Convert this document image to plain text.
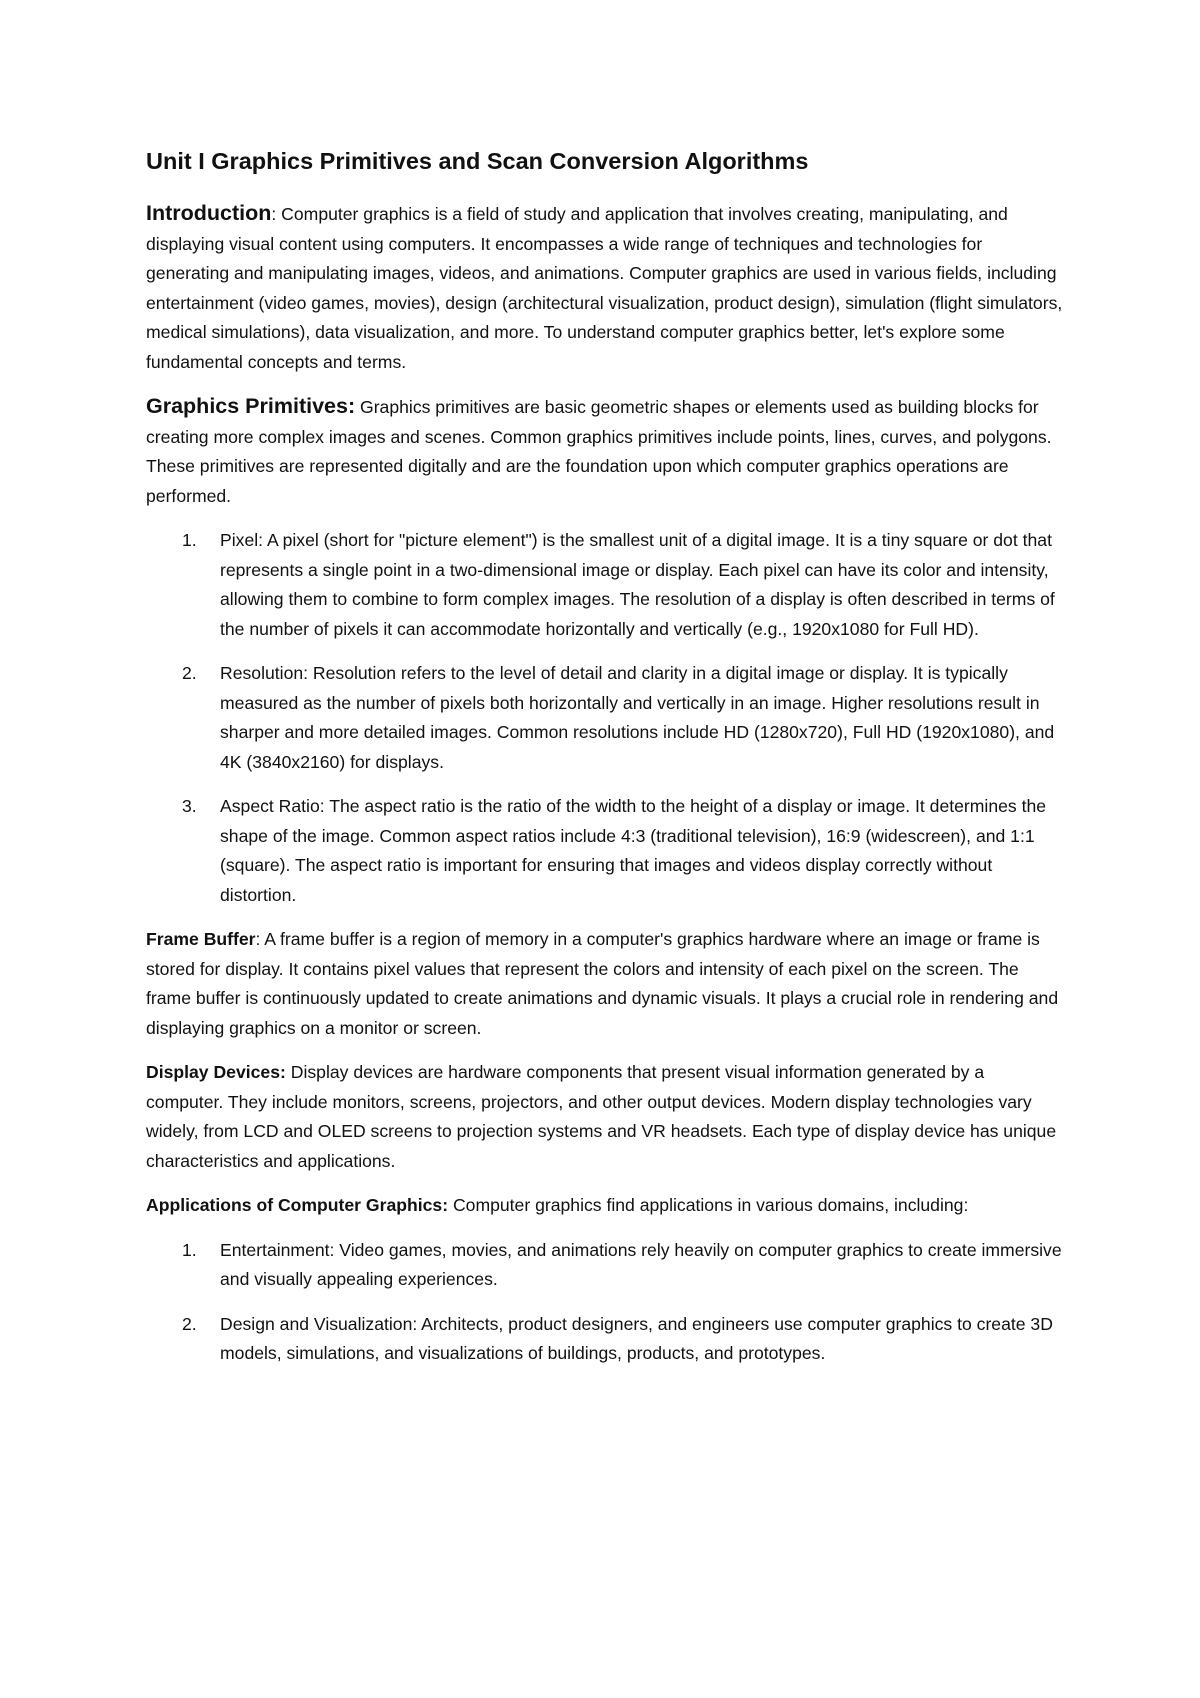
Unit I Graphics Primitives and Scan Conversion Algorithms

Introduction: Computer graphics is a field of study and application that involves creating, manipulating, and displaying visual content using computers. It encompasses a wide range of techniques and technologies for generating and manipulating images, videos, and animations. Computer graphics are used in various fields, including entertainment (video games, movies), design (architectural visualization, product design), simulation (flight simulators, medical simulations), data visualization, and more. To understand computer graphics better, let's explore some fundamental concepts and terms.

Graphics Primitives: Graphics primitives are basic geometric shapes or elements used as building blocks for creating more complex images and scenes. Common graphics primitives include points, lines, curves, and polygons. These primitives are represented digitally and are the foundation upon which computer graphics operations are performed.

1. Pixel: A pixel (short for "picture element") is the smallest unit of a digital image. It is a tiny square or dot that represents a single point in a two-dimensional image or display. Each pixel can have its color and intensity, allowing them to combine to form complex images. The resolution of a display is often described in terms of the number of pixels it can accommodate horizontally and vertically (e.g., 1920x1080 for Full HD).
2. Resolution: Resolution refers to the level of detail and clarity in a digital image or display. It is typically measured as the number of pixels both horizontally and vertically in an image. Higher resolutions result in sharper and more detailed images. Common resolutions include HD (1280x720), Full HD (1920x1080), and 4K (3840x2160) for displays.
3. Aspect Ratio: The aspect ratio is the ratio of the width to the height of a display or image. It determines the shape of the image. Common aspect ratios include 4:3 (traditional television), 16:9 (widescreen), and 1:1 (square). The aspect ratio is important for ensuring that images and videos display correctly without distortion.

Frame Buffer: A frame buffer is a region of memory in a computer's graphics hardware where an image or frame is stored for display. It contains pixel values that represent the colors and intensity of each pixel on the screen. The frame buffer is continuously updated to create animations and dynamic visuals. It plays a crucial role in rendering and displaying graphics on a monitor or screen.

Display Devices: Display devices are hardware components that present visual information generated by a computer. They include monitors, screens, projectors, and other output devices. Modern display technologies vary widely, from LCD and OLED screens to projection systems and VR headsets. Each type of display device has unique characteristics and applications.

Applications of Computer Graphics: Computer graphics find applications in various domains, including:

1. Entertainment: Video games, movies, and animations rely heavily on computer graphics to create immersive and visually appealing experiences.
2. Design and Visualization: Architects, product designers, and engineers use computer graphics to create 3D models, simulations, and visualizations of buildings, products, and prototypes.
